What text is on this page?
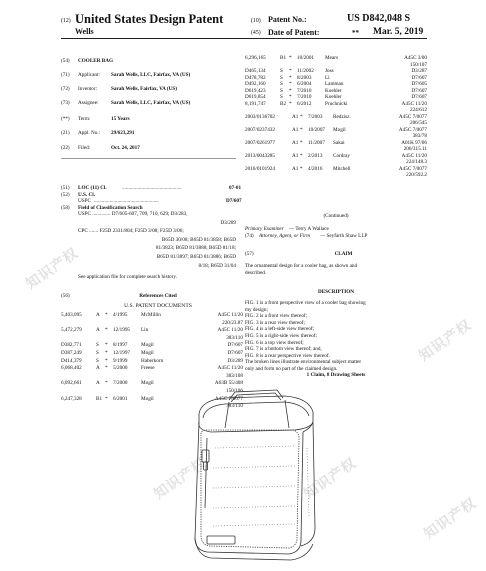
知识产权
知识产权	知识产权
知识产权
知识产权
(12) United States Design Patent
Wells
(10) Patent No.:	US D842,048 S
(45) Date of Patent:	** Mar. 5, 2019
(54) COOLER BAG
(71) Applicant: Sarah Wells, LLC, Fairfax, VA (US)
(72) Inventor:	Sarah Wells, Fairfax, VA (US)
(73) Assignee: Sarah Wells, LLC, Fairfax, VA (US)
(**) Term:	15 Years
(21) Appl. No.: 29/623,291
(22) Filed:	Oct. 24, 2017
(51) LOC (11) Cl.	..............................................	07-01
(52) U.S. Cl.
USPC ..................................................	D7/607
(58) Field of Classification Search
USPC .............. D7/605-607, 709, 710, 629; D3/283,
D3/289
CPC ....... F25D 2331/804; F25D 3/08; F25D 3/06;
B65D 30/08; B65D 81/3858; B65D
81/3823; B65D 81/3888; B65D 81/18;
B65D 81/3897; B65D 81/3886; B65D
8/18; B65D 31/04
See application file for complete search history.
(56)	References Cited
U.S. PATENT DOCUMENTS
5,403,095	A * 4/1995	McMillin	A45C 11/20
220/23.87
5,472,279	A * 12/1995 Lin	A45C 11/20
383/110
D382,771	S * 8/1997	Mogil	D7/607
D387,249	S * 12/1997 Mogil	D7/607
D414,379	S * 9/1999	Haberkorn	D3/289
6,068,402	A * 5/2000	Freese	A45C 11/20
383/108
6,092,661	A * 7/2000	Mogil	A63B 55/408
150/106
6,247,328	B1 * 6/2001	Mogil	A45C 7/0077
383/110
6,296,165	B1 * 10/2001 Mears	A45C 3/00
150/107
D465,134	S * 11/2002 Joss	D3/287
D478,782	S * 8/2003	Li	D7/607
D492,160	S * 6/2004	Lamman	D7/605
D619,423	S * 7/2010	Koehler	D7/607
D619,854	S * 7/2010	Koehler	D7/607
8,191,747	B2 * 6/2012	Pruchnicki	A45C 11/20
224/612
2003/0136702	A1 * 7/2003 Redzisz	A45C 7/0077
206/545
2007/0237432	A1 * 10/2007 Mogil	A45C 7/0077
383/78
2007/0261977	A1 * 11/2007 Sakai	A01K 97/06
206/315.11
2013/0043285	A1 * 2/2013 Cordray	A45C 11/20
224/148.3
2016/0101924	A1 * 4/2016 Mitchell	A45C 7/0077
220/592.2
(Continued)
Primary Examiner — Terry A Wallace
(74) Attorney, Agent, or Firm — Seyfarth Shaw LLP
(57)	CLAIM
The ornamental design for a cooler bag, as shown and
described.
DESCRIPTION
FIG. 1 is a front perspective view of a cooler bag showing
my design;
FIG. 2 is a front view thereof;
FIG. 3 is a rear view thereof;
FIG. 4 is a left-side view thereof;
FIG. 5 is a right-side view thereof;
FIG. 6 is a top view thereof;
FIG. 7 is a bottom view thereof; and,
FIG. 8 is a rear perspective view thereof.
The broken lines illustrate environmental subject matter
only and form no part of the claimed design.
1 Claim, 8 Drawing Sheets
